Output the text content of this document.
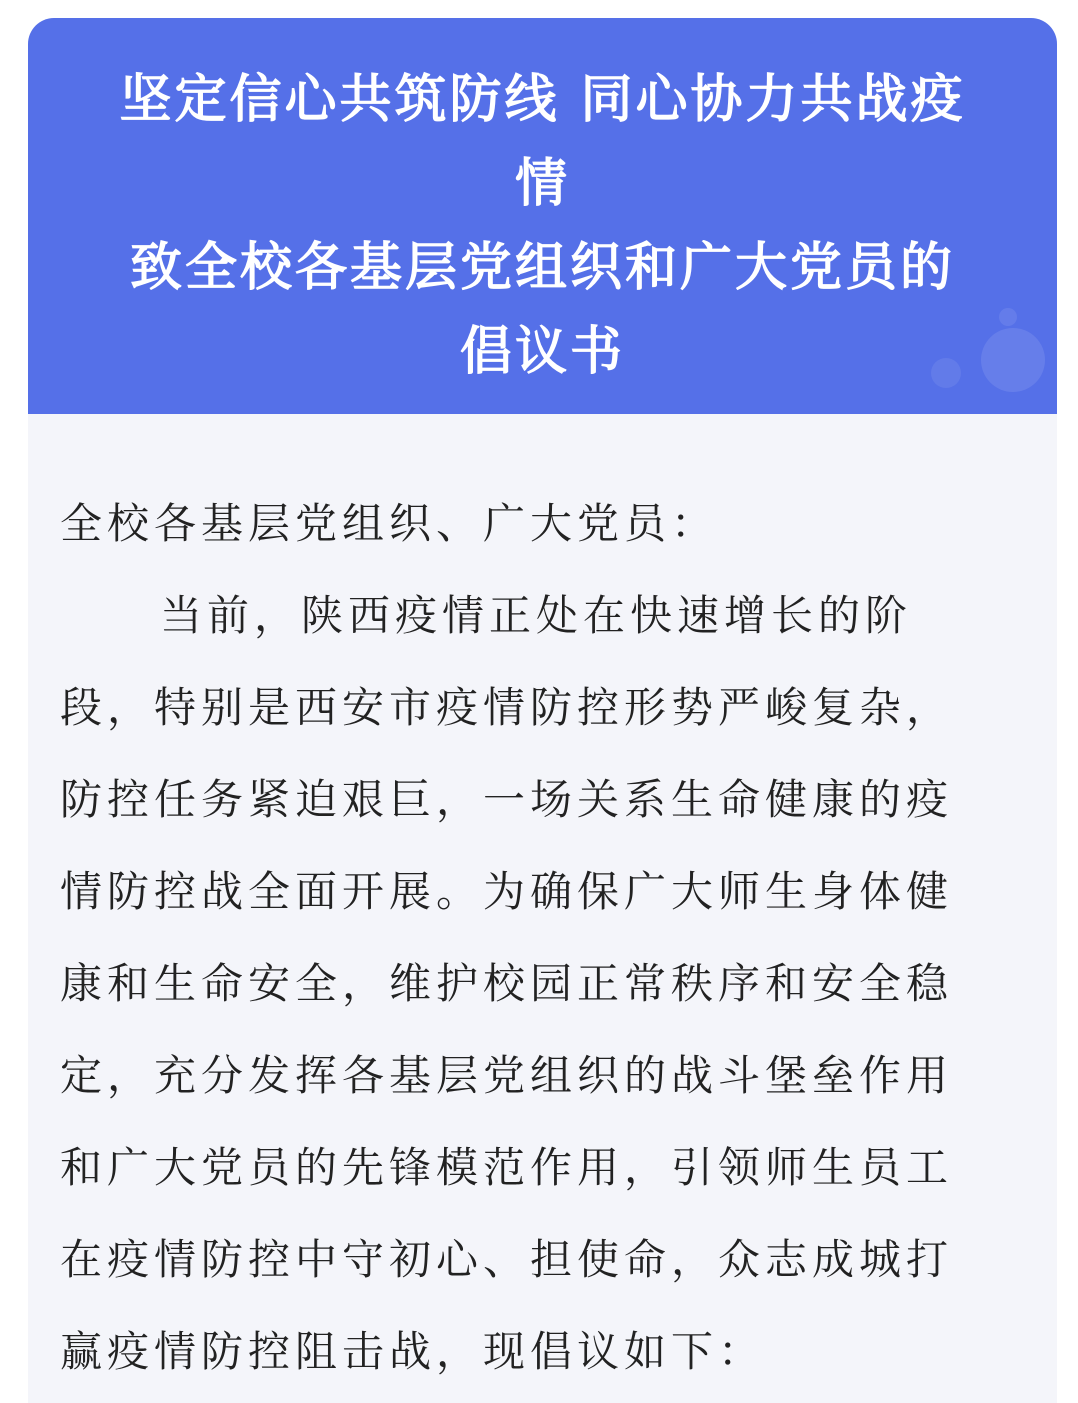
坚定信心共筑防线 同心协力共战疫
情
致全校各基层党组织和广大党员的
倡议书
全校各基层党组织、广大党员：
当前，陕西疫情正处在快速增长的阶
段，特别是西安市疫情防控形势严峻复杂，
防控任务紧迫艰巨，一场关系生命健康的疫
情防控战全面开展。为确保广大师生身体健
康和生命安全，维护校园正常秩序和安全稳
定，充分发挥各基层党组织的战斗堡垒作用
和广大党员的先锋模范作用，引领师生员工
在疫情防控中守初心、担使命，众志成城打
赢疫情防控阻击战，现倡议如下：
